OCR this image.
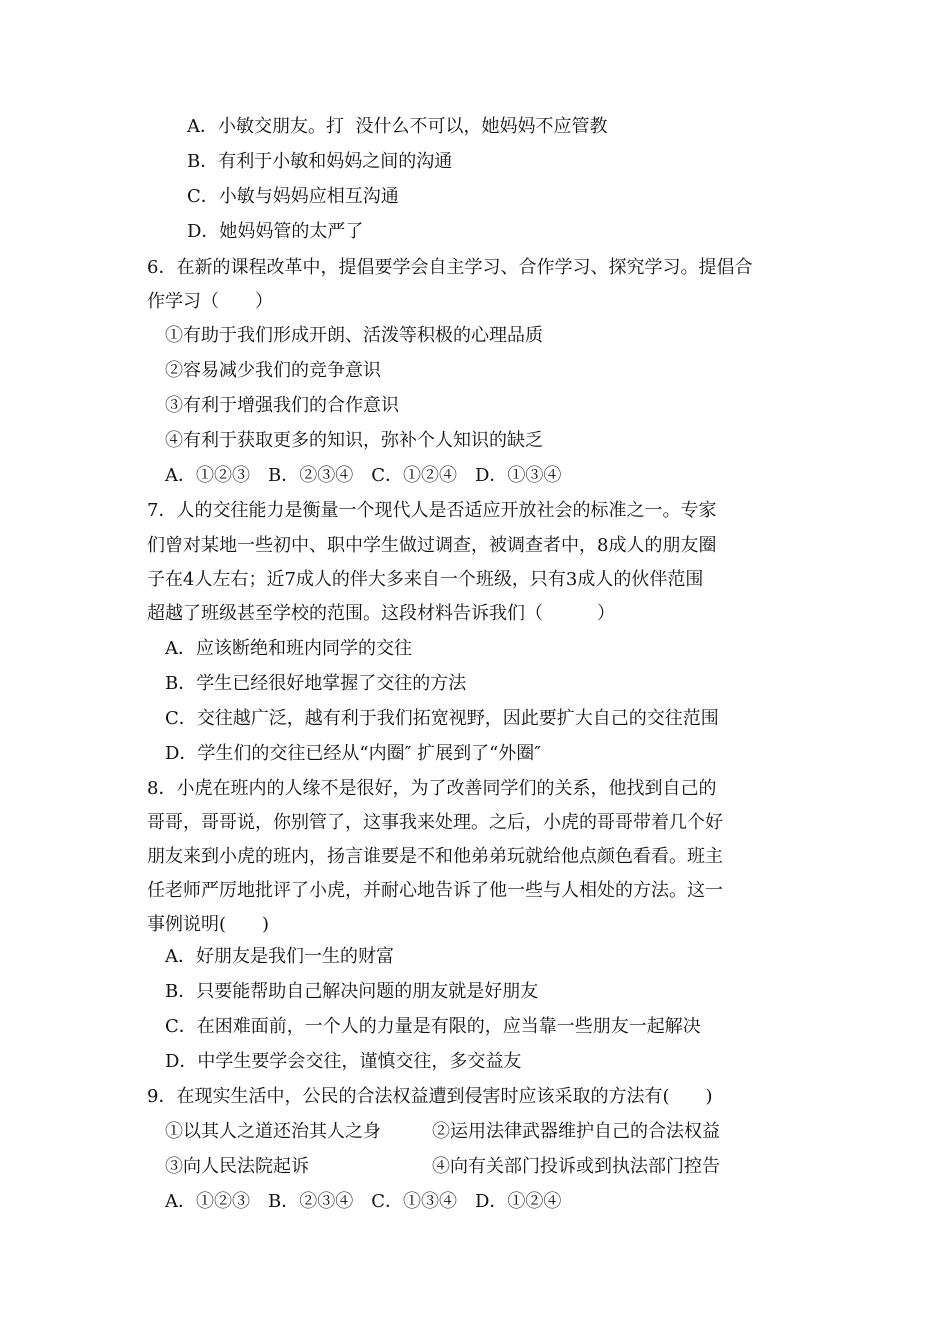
A．小敏交朋友。打  没什么不可以，她妈妈不应管教
B．有利于小敏和妈妈之间的沟通
C．小敏与妈妈应相互沟通
D．她妈妈管的太严了
6．在新的课程改革中，提倡要学会自主学习、合作学习、探究学习。提倡合
作学习（　　）
①有助于我们形成开朗、活泼等积极的心理品质
②容易减少我们的竞争意识
③有利于增强我们的合作意识
④有利于获取更多的知识，弥补个人知识的缺乏
A．①②③　B．②③④　C．①②④　D．①③④
7．人的交往能力是衡量一个现代人是否适应开放社会的标准之一。专家
们曾对某地一些初中、职中学生做过调查，被调查者中，8成人的朋友圈
子在4人左右；近7成人的伴大多来自一个班级，只有3成人的伙伴范围
超越了班级甚至学校的范围。这段材料告诉我们（　　　）
A．应该断绝和班内同学的交往
B．学生已经很好地掌握了交往的方法
C．交往越广泛，越有利于我们拓宽视野，因此要扩大自己的交往范围
D．学生们的交往已经从“内圈″ 扩展到了“外圈″
8．小虎在班内的人缘不是很好，为了改善同学们的关系，他找到自己的
哥哥，哥哥说，你别管了，这事我来处理。之后，小虎的哥哥带着几个好
朋友来到小虎的班内，扬言谁要是不和他弟弟玩就给他点颜色看看。班主
任老师严厉地批评了小虎，并耐心地告诉了他一些与人相处的方法。这一
事例说明(　　)
A．好朋友是我们一生的财富
B．只要能帮助自己解决问题的朋友就是好朋友
C．在困难面前，一个人的力量是有限的，应当靠一些朋友一起解决
D．中学生要学会交往，谨慎交往，多交益友
9．在现实生活中，公民的合法权益遭到侵害时应该采取的方法有(　　)
①以其人之道还治其人之身	②运用法律武器维护自己的合法权益
③向人民法院起诉	④向有关部门投诉或到执法部门控告
A．①②③　B．②③④　C．①③④　D．①②④
